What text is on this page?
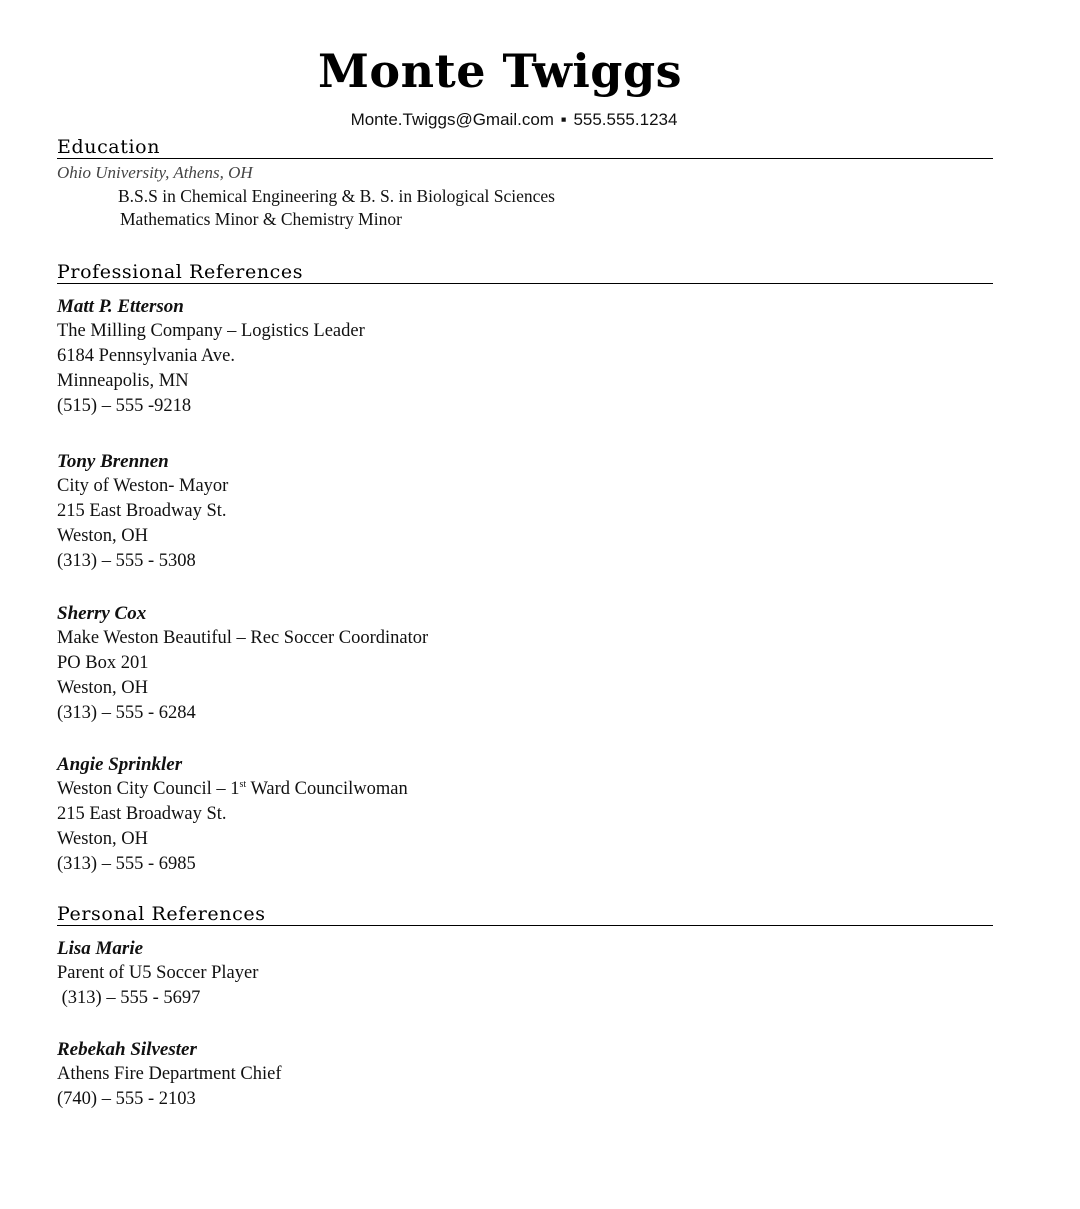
Monte Twiggs
Monte.Twiggs@Gmail.com ▪ 555.555.1234
Education
Ohio University, Athens, OH
B.S.S in Chemical Engineering & B. S. in Biological Sciences
Mathematics Minor & Chemistry Minor
Professional References
Matt P. Etterson
The Milling Company – Logistics Leader
6184 Pennsylvania Ave.
Minneapolis, MN
(515) – 555 -9218
Tony Brennen
City of Weston- Mayor
215 East Broadway St.
Weston, OH
(313) – 555 - 5308
Sherry Cox
Make Weston Beautiful – Rec Soccer Coordinator
PO Box 201
Weston, OH
(313) – 555 - 6284
Angie Sprinkler
Weston City Council – 1st Ward Councilwoman
215 East Broadway St.
Weston, OH
(313) – 555 - 6985
Personal References
Lisa Marie
Parent of U5 Soccer Player
(313) – 555 - 5697
Rebekah Silvester
Athens Fire Department Chief
(740) – 555 - 2103
